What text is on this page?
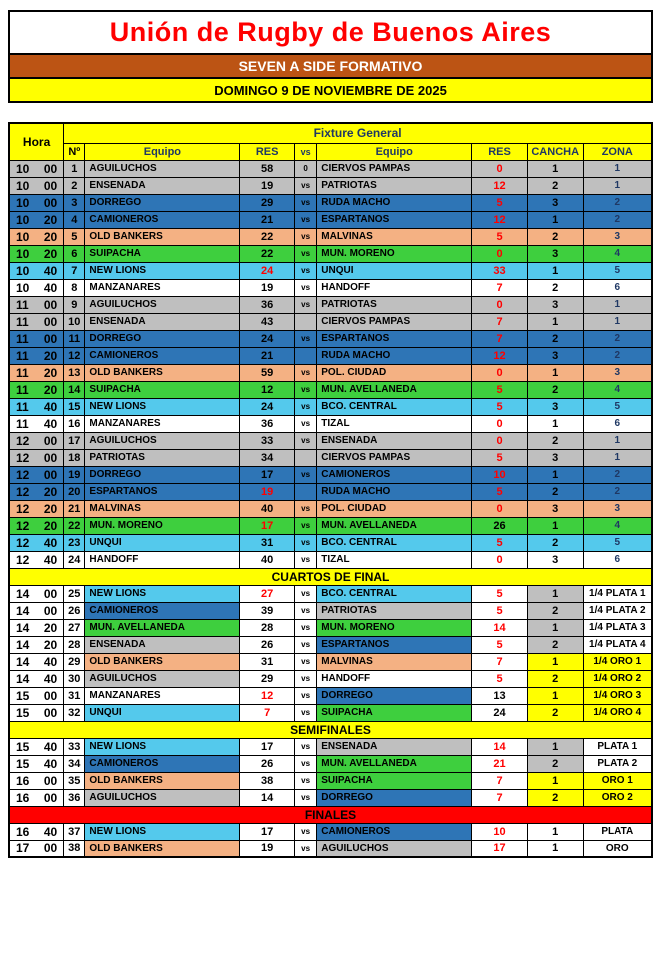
Unión de Rugby de Buenos Aires
SEVEN A SIDE FORMATIVO
DOMINGO 9 DE NOVIEMBRE DE 2025
Hora	Fixture General							
	Nº	Equipo	RES	vs	Equipo	RES	CANCHA	ZONA

10 00	1	AGUILUCHOS	58	0	CIERVOS PAMPAS	0	1	1

10 00	2	ENSENADA	19	vs	PATRIOTAS	12	2	1

10 00	3	DORREGO	29	vs	RUDA MACHO	5	3	2

10 20	4	CAMIONEROS	21	vs	ESPARTANOS	12	1	2

10 20	5	OLD BANKERS	22	vs	MALVINAS	5	2	3

10 20	6	SUIPACHA	22	vs	MUN. MORENO	0	3	4

10 40	7	NEW LIONS	24	vs	UNQUI	33	1	5

10 40	8	MANZANARES	19	vs	HANDOFF	7	2	6

11 00	9	AGUILUCHOS	36	vs	PATRIOTAS	0	3	1

11 00	10	ENSENADA	43		CIERVOS PAMPAS	7	1	1

11 00	11	DORREGO	24	vs	ESPARTANOS	7	2	2

11 20	12	CAMIONEROS	21		RUDA MACHO	12	3	2

11 20	13	OLD BANKERS	59	vs	POL. CIUDAD	0	1	3

11 20	14	SUIPACHA	12	vs	MUN. AVELLANEDA	5	2	4

11 40	15	NEW LIONS	24	vs	BCO. CENTRAL	5	3	5

11 40	16	MANZANARES	36	vs	TIZAL	0	1	6

12 00	17	AGUILUCHOS	33	vs	ENSENADA	0	2	1

12 00	18	PATRIOTAS	34		CIERVOS PAMPAS	5	3	1

12 00	19	DORREGO	17	vs	CAMIONEROS	10	1	2

12 20	20	ESPARTANOS	19		RUDA MACHO	5	2	2

12 20	21	MALVINAS	40	vs	POL. CIUDAD	0	3	3

12 20	22	MUN. MORENO	17	vs	MUN. AVELLANEDA	26	1	4

12 40	23	UNQUI	31	vs	BCO. CENTRAL	5	2	5

12 40	24	HANDOFF	40	vs	TIZAL	0	3	6
CUARTOS DE FINAL								

14 00	25	NEW LIONS	27	vs	BCO. CENTRAL	5	1	1/4 PLATA 1

14 00	26	CAMIONEROS	39	vs	PATRIOTAS	5	2	1/4 PLATA 2

14 20	27	MUN. AVELLANEDA	28	vs	MUN. MORENO	14	1	1/4 PLATA 3

14 20	28	ENSENADA	26	vs	ESPARTANOS	5	2	1/4 PLATA 4

14 40	29	OLD BANKERS	31	vs	MALVINAS	7	1	1/4 ORO 1

14 40	30	AGUILUCHOS	29	vs	HANDOFF	5	2	1/4 ORO 2

15 00	31	MANZANARES	12	vs	DORREGO	13	1	1/4 ORO 3

15 00	32	UNQUI	7	vs	SUIPACHA	24	2	1/4 ORO 4
SEMIFINALES								

15 40	33	NEW LIONS	17	vs	ENSENADA	14	1	PLATA 1

15 40	34	CAMIONEROS	26	vs	MUN. AVELLANEDA	21	2	PLATA 2

16 00	35	OLD BANKERS	38	vs	SUIPACHA	7	1	ORO 1

16 00	36	AGUILUCHOS	14	vs	DORREGO	7	2	ORO 2
FINALES								

16 40	37	NEW LIONS	17	vs	CAMIONEROS	10	1	PLATA

17 00	38	OLD BANKERS	19	vs	AGUILUCHOS	17	1	ORO
